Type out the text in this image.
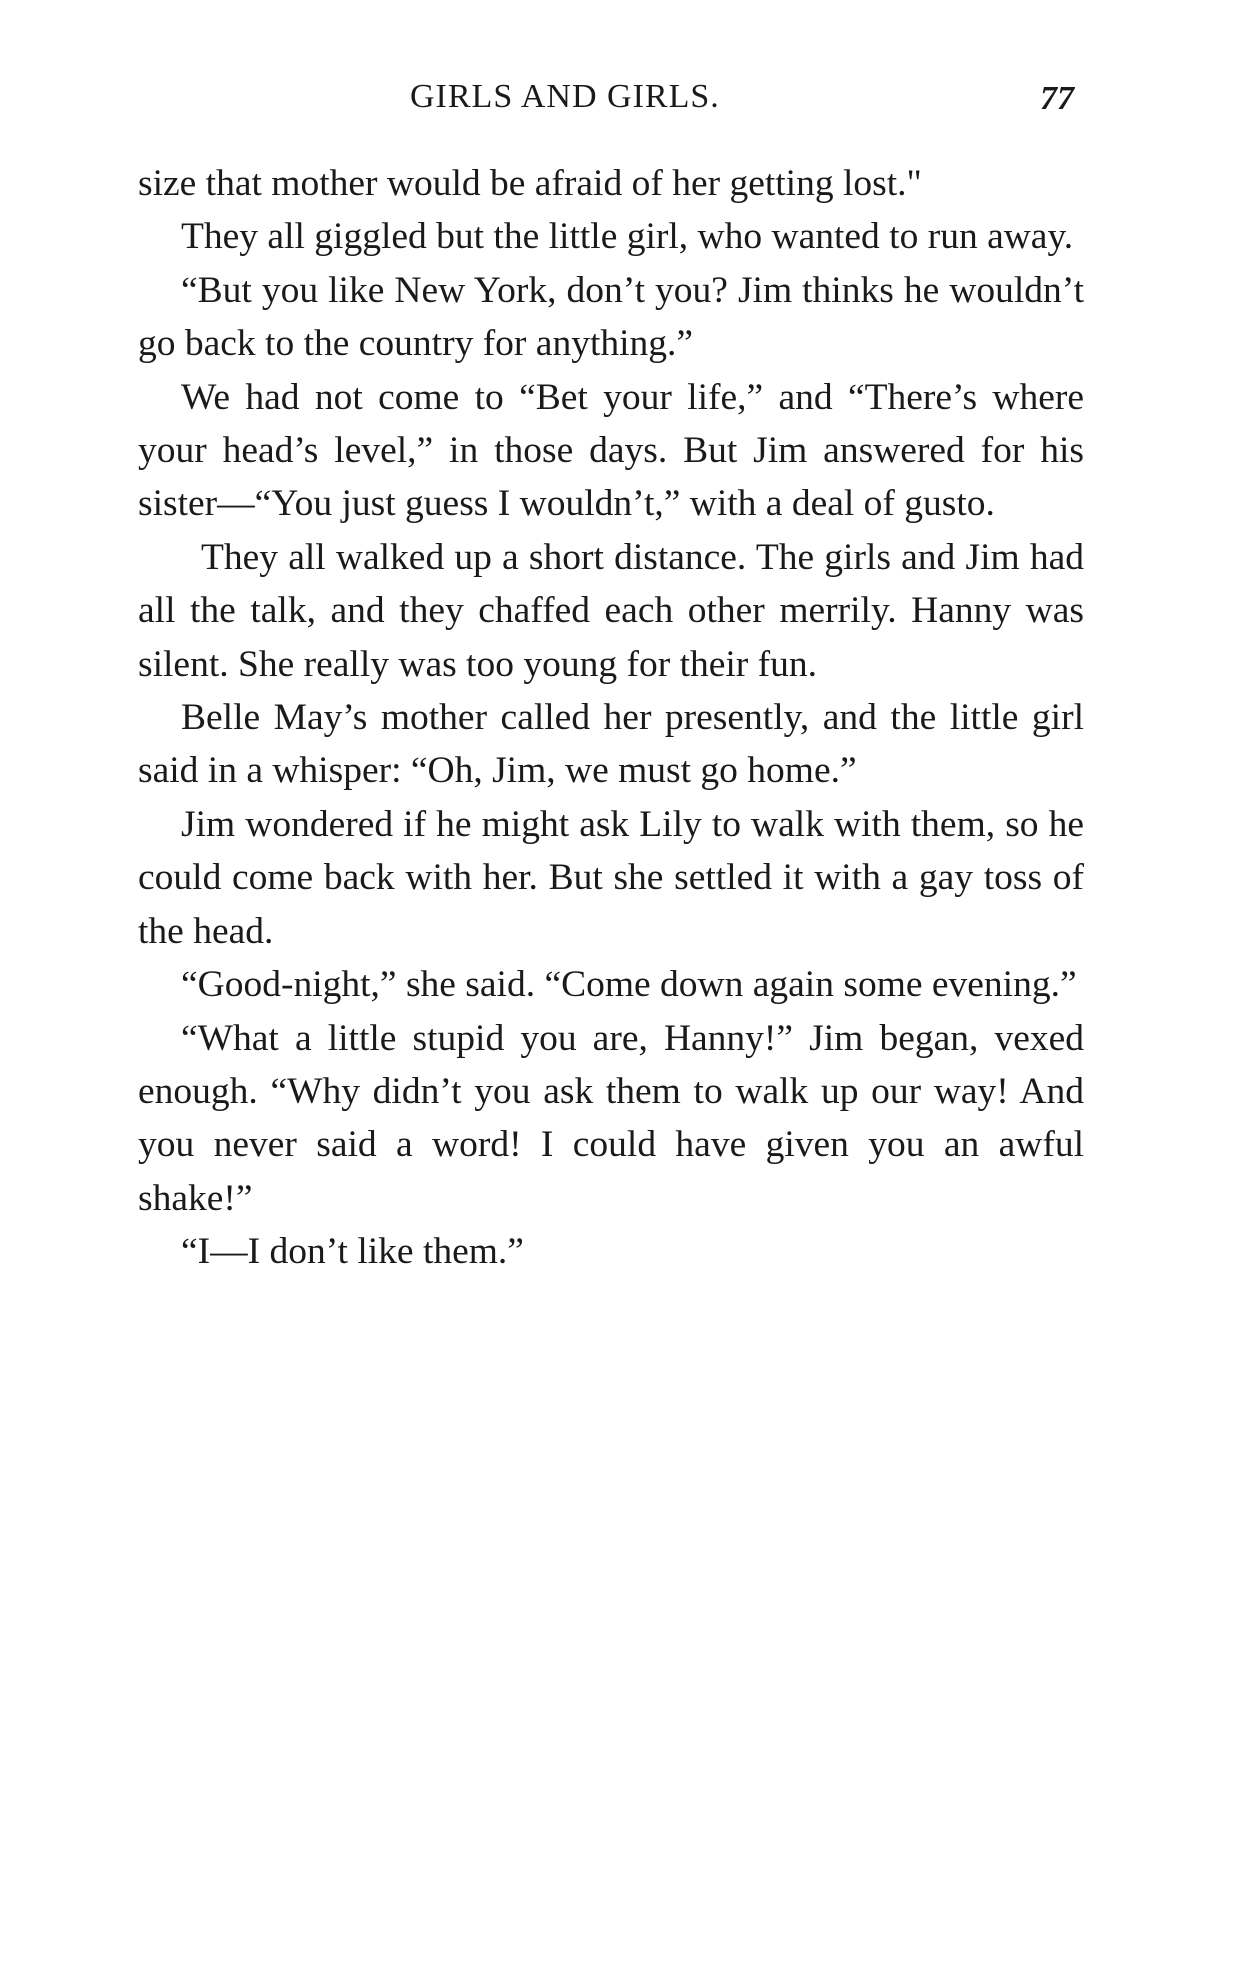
GIRLS AND GIRLS.	77

size that mother would be afraid of her getting lost."

They all giggled but the little girl, who wanted to run away.

“But you like New York, don’t you? Jim thinks he wouldn’t go back to the country for anything.”

We had not come to “Bet your life,” and “There’s where your head’s level,” in those days. But Jim answered for his sister—“You just guess I wouldn’t,” with a deal of gusto.

They all walked up a short distance. The girls and Jim had all the talk, and they chaffed each other merrily. Hanny was silent. She really was too young for their fun.

Belle May’s mother called her presently, and the little girl said in a whisper: “Oh, Jim, we must go home.”

Jim wondered if he might ask Lily to walk with them, so he could come back with her. But she settled it with a gay toss of the head.

“Good-night,” she said. “Come down again some evening.”

“What a little stupid you are, Hanny!” Jim began, vexed enough. “Why didn’t you ask them to walk up our way! And you never said a word! I could have given you an awful shake!”

“I—I don’t like them.”
